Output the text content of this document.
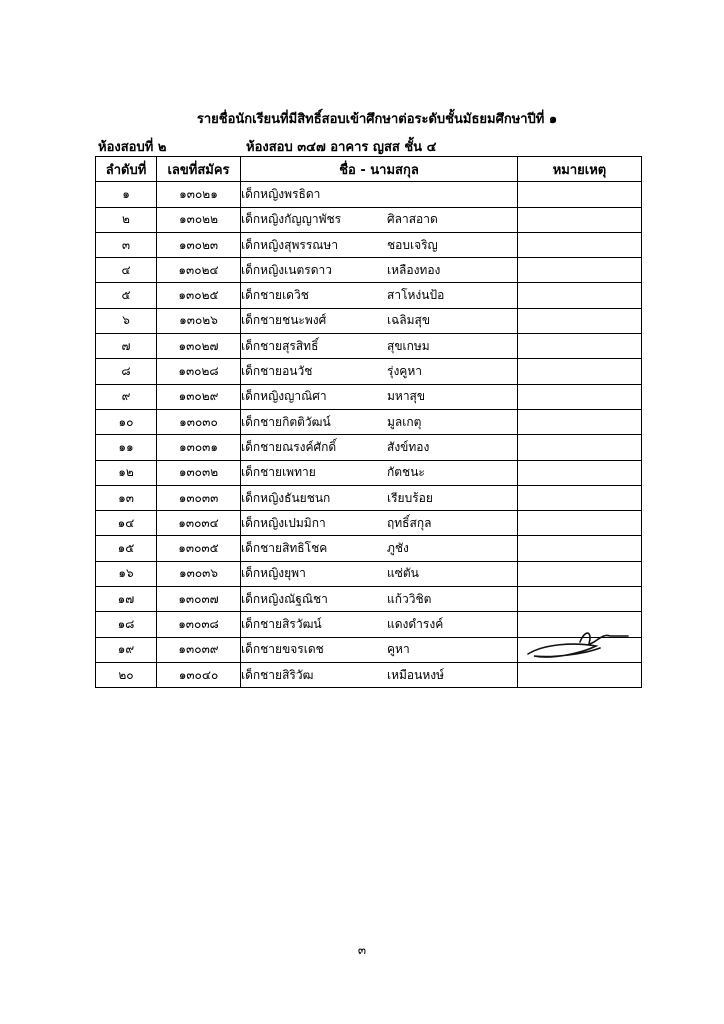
รายชื่อนักเรียนที่มีสิทธิ์สอบเข้าศึกษาต่อระดับชั้นมัธยมศึกษาปีที่ ๑
ห้องสอบที่ ๒	ห้องสอบ ๓๔๗ อาคาร ญสส ชั้น ๔
ลำดับที่	เลขที่สมัคร	ชื่อ - นามสกุล	หมายเหตุ
๑	๑๓๐๒๑	เด็กหญิงพรธิดา	
๒	๑๓๐๒๒	เด็กหญิงกัญญาพัชร ศิลาสอาด	
๓	๑๓๐๒๓	เด็กหญิงสุพรรณษา ชอบเจริญ	
๔	๑๓๐๒๔	เด็กหญิงเนตรดาว เหลืองทอง	
๕	๑๓๐๒๕	เด็กชายเดวิช สาโหง่นป้อ	
๖	๑๓๐๒๖	เด็กชายชนะพงศ์ เฉลิมสุข	
๗	๑๓๐๒๗	เด็กชายสุรสิทธิ์ สุขเกษม	
๘	๑๓๐๒๘	เด็กชายอนวัช รุ่งคูหา	
๙	๑๓๐๒๙	เด็กหญิงญาณิศา มหาสุข	
๑๐	๑๓๐๓๐	เด็กชายกิตติวัฒน์ มูลเกตุ	
๑๑	๑๓๐๓๑	เด็กชายณรงค์ศักดิ์ สังข์ทอง	
๑๒	๑๓๐๓๒	เด็กชายเพทาย กัตชนะ	
๑๓	๑๓๐๓๓	เด็กหญิงธันยชนก เรียบร้อย	
๑๔	๑๓๐๓๔	เด็กหญิงเปมมิกา ฤทธิ์สกุล	
๑๕	๑๓๐๓๕	เด็กชายสิทธิโชค ภูชัง	
๑๖	๑๓๐๓๖	เด็กหญิงยุพา แซ่ตัน	
๑๗	๑๓๐๓๗	เด็กหญิงณัฐณิชา แก้ววิชิต	
๑๘	๑๓๐๓๘	เด็กชายสิรวัฒน์ แดงดำรงค์	
๑๙	๑๓๐๓๙	เด็กชายขจรเดช คูหา	

๒๐	๑๓๐๔๐	เด็กชายสิริวัฒ เหมือนหงษ์	
๓
